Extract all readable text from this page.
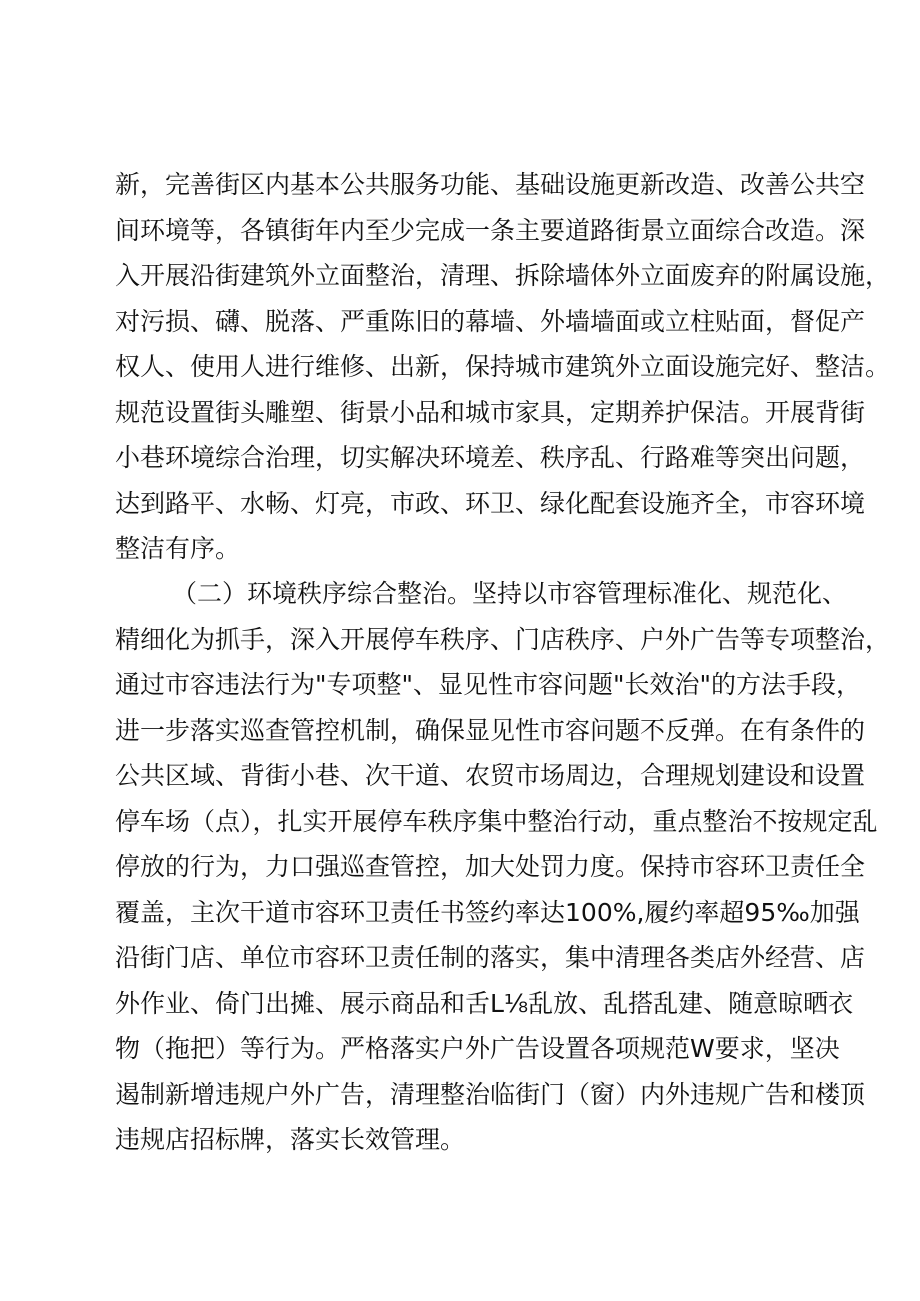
新，完善街区内基本公共服务功能、基础设施更新改造、改善公共空
间环境等，各镇街年内至少完成一条主要道路街景立面综合改造。深
入开展沿街建筑外立面整治，清理、拆除墙体外立面废弃的附属设施，
对污损、礴、脱落、严重陈旧的幕墙、外墙墙面或立柱贴面，督促产
权人、使用人进行维修、出新，保持城市建筑外立面设施完好、整洁。
规范设置街头雕塑、街景小品和城市家具，定期养护保洁。开展背街
小巷环境综合治理，切实解决环境差、秩序乱、行路难等突出问题，
达到路平、水畅、灯亮，市政、环卫、绿化配套设施齐全，市容环境
整洁有序。
（二）环境秩序综合整治。坚持以市容管理标准化、规范化、
精细化为抓手，深入开展停车秩序、门店秩序、户外广告等专项整治，
通过市容违法行为"专项整"、显见性市容问题"长效治"的方法手段，
进一步落实巡查管控机制，确保显见性市容问题不反弹。在有条件的
公共区域、背街小巷、次干道、农贸市场周边，合理规划建设和设置
停车场（点），扎实开展停车秩序集中整治行动，重点整治不按规定乱
停放的行为，力口强巡查管控，加大处罚力度。保持市容环卫责任全
覆盖，主次干道市容环卫责任书签约率达100%,履约率超95‰加强
沿街门店、单位市容环卫责任制的落实，集中清理各类店外经营、店
外作业、倚门出摊、展示商品和舌L⅛乱放、乱搭乱建、随意晾晒衣
物（拖把）等行为。严格落实户外广告设置各项规范W要求，坚决
遏制新增违规户外广告，清理整治临街门（窗）内外违规广告和楼顶
违规店招标牌，落实长效管理。
